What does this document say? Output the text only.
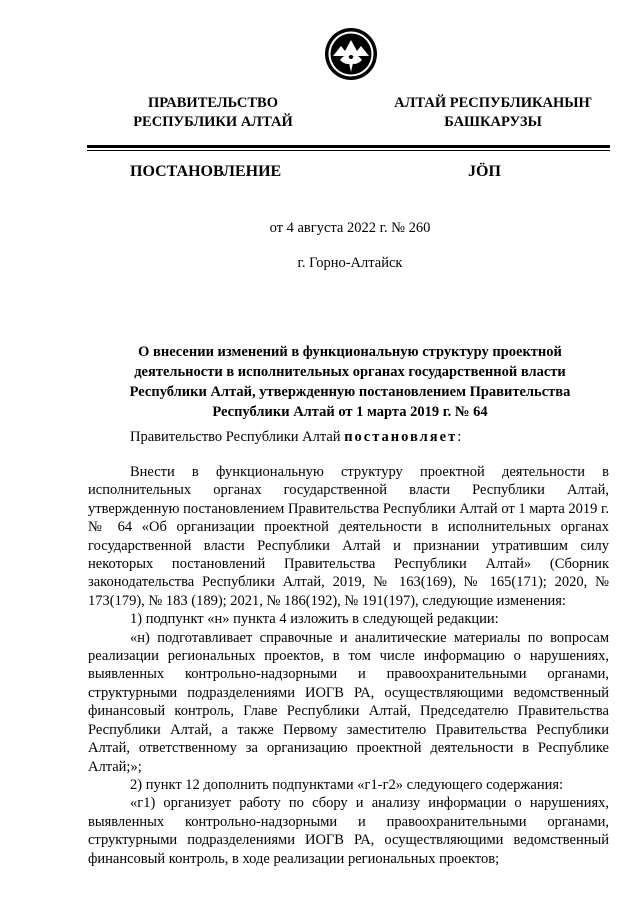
ПРАВИТЕЛЬСТВО
РЕСПУБЛИКИ АЛТАЙ
АЛТАЙ РЕСПУБЛИКАНЫҤ
БАШКАРУЗЫ
ПОСТАНОВЛЕНИЕ	JÖП
от 4 августа 2022 г. № 260
г. Горно-Алтайск
О внесении изменений в функциональную структуру проектной
деятельности в исполнительных органах государственной власти
Республики Алтай, утвержденную постановлением Правительства
Республики Алтай от 1 марта 2019 г. № 64
Правительство Республики Алтай постановляет:

Внести в функциональную структуру проектной деятельности в исполнительных органах государственной власти Республики Алтай, утвержденную постановлением Правительства Республики Алтай от 1 марта 2019 г. № 64 «Об организации проектной деятельности в исполнительных органах государственной власти Республики Алтай и признании утратившим силу некоторых постановлений Правительства Республики Алтай» (Сборник законодательства Республики Алтай, 2019, № 163(169), № 165(171); 2020, № 173(179), № 183 (189); 2021, № 186(192), № 191(197), следующие изменения:

1) подпункт «н» пункта 4 изложить в следующей редакции:

«н) подготавливает справочные и аналитические материалы по вопросам реализации региональных проектов, в том числе информацию о нарушениях, выявленных контрольно-надзорными и правоохранительными органами, структурными подразделениями ИОГВ РА, осуществляющими ведомственный финансовый контроль, Главе Республики Алтай, Председателю Правительства Республики Алтай, а также Первому заместителю Правительства Республики Алтай, ответственному за организацию проектной деятельности в Республике Алтай;»;

2) пункт 12 дополнить подпунктами «г1-г2» следующего содержания:

«г1) организует работу по сбору и анализу информации о нарушениях, выявленных контрольно-надзорными и правоохранительными органами, структурными подразделениями ИОГВ РА, осуществляющими ведомственный финансовый контроль, в ходе реализации региональных проектов;
